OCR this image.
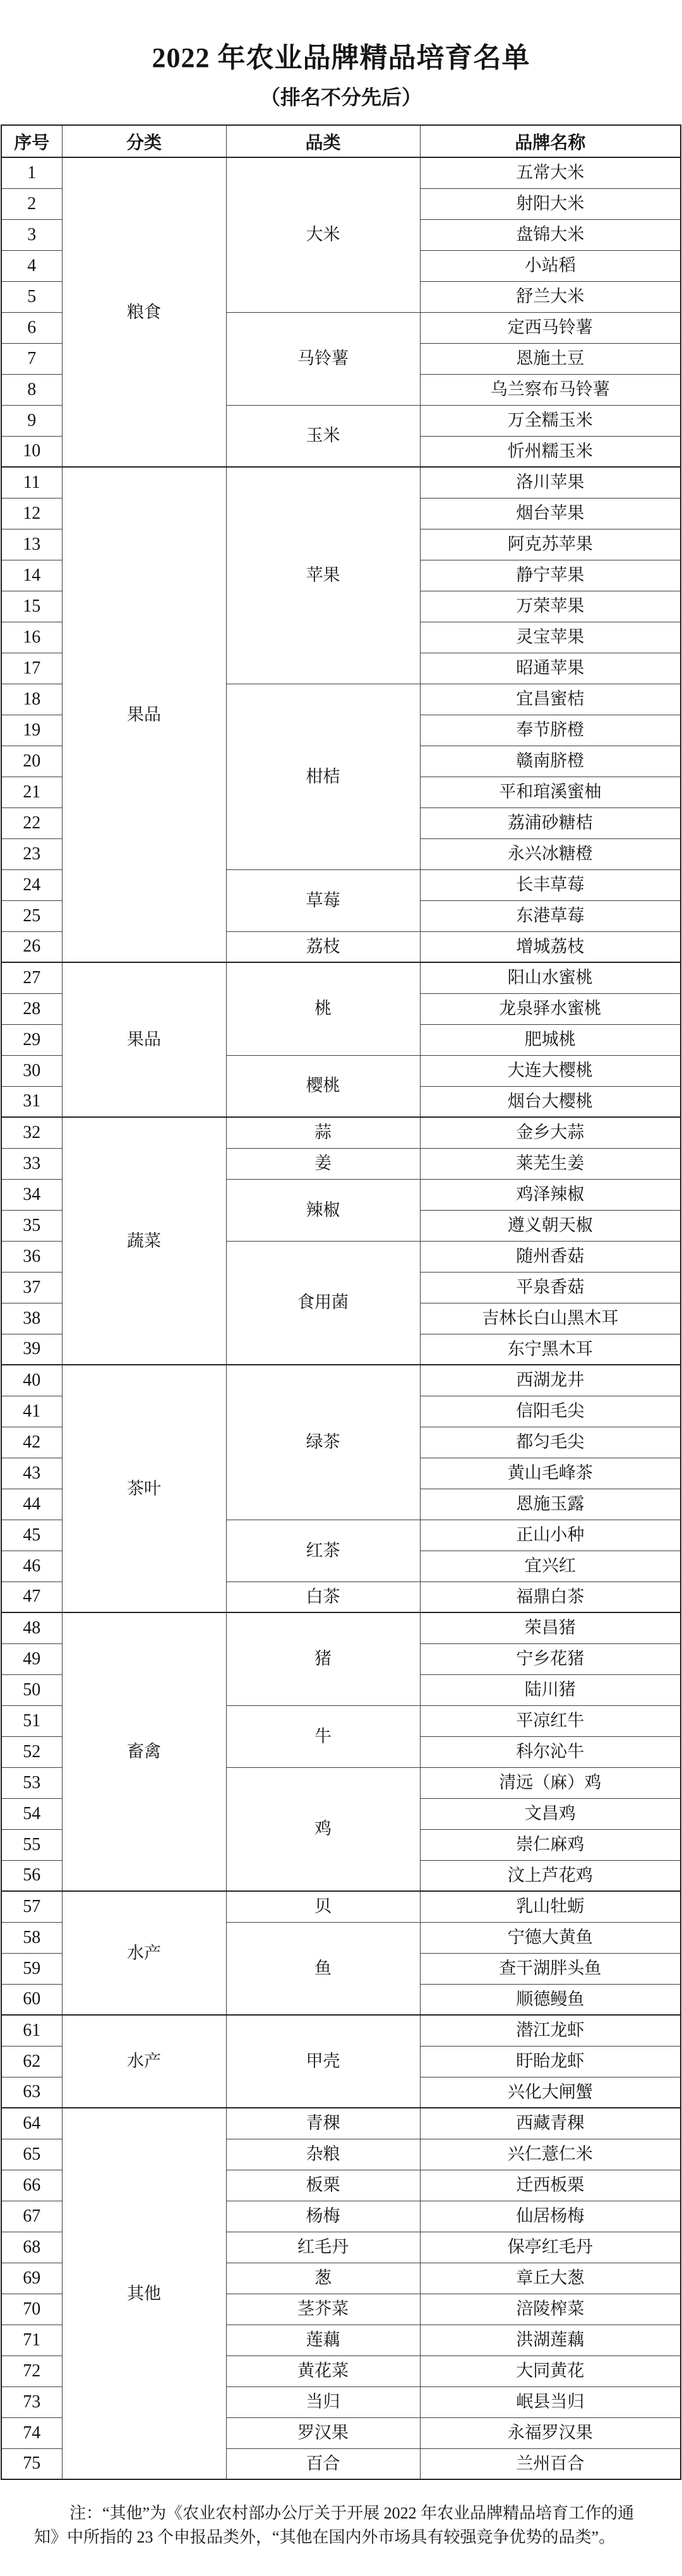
2022 年农业品牌精品培育名单
（排名不分先后）
序号	分类	品类	品牌名称
1	粮食	大米	五常大米
2			射阳大米
3			盘锦大米
4			小站稻
5			舒兰大米
6		马铃薯	定西马铃薯
7			恩施土豆
8			乌兰察布马铃薯
9		玉米	万全糯玉米
10			忻州糯玉米
11	果品	苹果	洛川苹果
12			烟台苹果
13			阿克苏苹果
14			静宁苹果
15			万荣苹果
16			灵宝苹果
17			昭通苹果
18		柑桔	宜昌蜜桔
19			奉节脐橙
20			赣南脐橙
21			平和琯溪蜜柚
22			荔浦砂糖桔
23			永兴冰糖橙
24		草莓	长丰草莓
25			东港草莓
26		荔枝	增城荔枝
27	果品	桃	阳山水蜜桃
28			龙泉驿水蜜桃
29			肥城桃
30		樱桃	大连大樱桃
31			烟台大樱桃
32	蔬菜	蒜	金乡大蒜
33		姜	莱芜生姜
34		辣椒	鸡泽辣椒
35			遵义朝天椒
36		食用菌	随州香菇
37			平泉香菇
38			吉林长白山黑木耳
39			东宁黑木耳
40	茶叶	绿茶	西湖龙井
41			信阳毛尖
42			都匀毛尖
43			黄山毛峰茶
44			恩施玉露
45		红茶	正山小种
46			宜兴红
47		白茶	福鼎白茶
48	畜禽	猪	荣昌猪
49			宁乡花猪
50			陆川猪
51		牛	平凉红牛
52			科尔沁牛
53		鸡	清远（麻）鸡
54			文昌鸡
55			崇仁麻鸡
56			汶上芦花鸡
57	水产	贝	乳山牡蛎
58		鱼	宁德大黄鱼
59			查干湖胖头鱼
60			顺德鳗鱼
61	水产	甲壳	潜江龙虾
62			盱眙龙虾
63			兴化大闸蟹
64	其他	青稞	西藏青稞
65		杂粮	兴仁薏仁米
66		板栗	迁西板栗
67		杨梅	仙居杨梅
68		红毛丹	保亭红毛丹
69		葱	章丘大葱
70		茎芥菜	涪陵榨菜
71		莲藕	洪湖莲藕
72		黄花菜	大同黄花
73		当归	岷县当归
74		罗汉果	永福罗汉果
75		百合	兰州百合

注：“其他”为《农业农村部办公厅关于开展 2022 年农业品牌精品培育工作的通
知》中所指的 23 个申报品类外，“其他在国内外市场具有较强竞争优势的品类”。
